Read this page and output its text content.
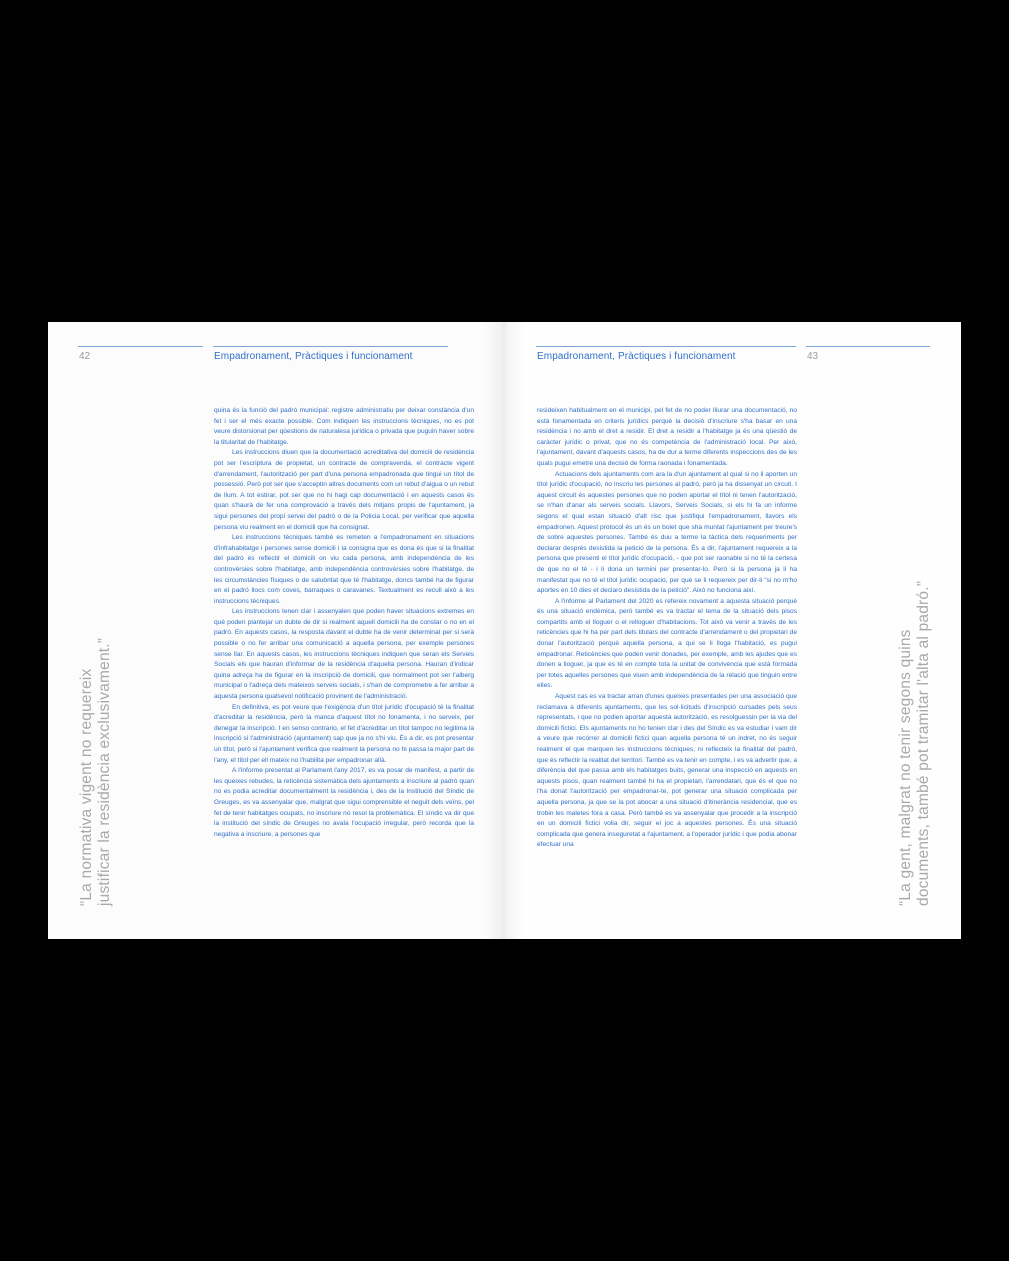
42	Empadronament, Pràctiques i funcionament
“La normativa vigent no requereix justificar la residència exclusivament.”

quina és la funció del padró municipal: registre administratiu per deixar constància d'un fet i ser el més exacte possible. Com indiquen les instruccions tècniques, no es pot veure distorsionat per qüestions de naturalesa jurídica o privada que puguin haver sobre la titularitat de l'habitatge.

Les instruccions diuen que la documentació acreditativa del domicili de residència pot ser l'escriptura de propietat, un contracte de compravenda, el contracte vigent d'arrendament, l'autorització per part d'una persona empadronada que tingui un títol de possessió. Però pot ser que s'acceptin altres documents com un rebut d'aigua o un rebut de llum. A tot estirar, pot ser que no hi hagi cap documentació i en aquests casos és quan s'haurà de fer una comprovació a través dels mitjans propis de l'ajuntament, ja sigui persones del propi servei del padró o de la Policia Local, per verificar que aquella persona viu realment en el domicili que ha consignat.

Les instruccions tècniques també es remeten a l'empadronament en situacions d'infrahabitatge i persones sense domicili i la consigna que es dona és que si la finalitat del padró és reflectir el domicili on viu cada persona, amb independència de les controvèrsies sobre l'habitatge, amb independència controvèrsies sobre l'habitatge, de les circumstàncies físiques o de salubritat que té l'habitatge, doncs també ha de figurar en el padró llocs com coves, barraques o caravanes. Textualment es recull això a les instruccions tècniques.

Les instruccions tenen clar i assenyalen que poden haver situacions extremes en què poden plantejar un dubte de dir si realment aquell domicili ha de constar o no en el padró. En aquests casos, la resposta davant el dubte ha de venir determinat per si serà possible o no fer arribar una comunicació a aquella persona, per exemple persones sense llar. En aquests casos, les instruccions tècniques indiquen que seran els Serveis Socials els que hauran d'informar de la residència d'aquella persona. Hauran d'indicar quina adreça ha de figurar en la inscripció de domicili, que normalment pot ser l'alberg municipal o l'adreça dels mateixos serveis socials, i s'han de comprometre a fer arribar a aquesta persona qualsevol notificació provinent de l'administració.

En definitiva, es pot veure que l'exigència d'un títol jurídic d'ocupació té la finalitat d'acreditar la residència, però la manca d'aquest títol no fonamenta, i no serveix, per denegar la inscripció. I en senso contrario, el fet d'acreditar un títol tampoc no legitima la inscripció si l'administració (ajuntament) sap que ja no s'hi viu. És a dir, es pot presentar un títol, però si l'ajuntament verifica que realment la persona no hi passa la major part de l'any, el títol per ell mateix no l'habilita per empadronar allà.

A l'informe presentat al Parlament l'any 2017, es va posar de manifest, a partir de les queixes rebudes, la reticència sistemàtica dels ajuntaments a inscriure al padró quan no es podia acreditar documentalment la residència i, des de la Institució del Síndic de Greuges, es va assenyalar que, malgrat que sigui comprensible el neguit dels veïns, pel fet de tenir habitatges ocupats, no inscriure no resol la problemàtica. El síndic va dir que la institució del síndic de Greuges no avala l'ocupació irregular, però recorda que la negativa a inscriure, a persones que

Empadronament, Pràctiques i funcionament	43

resideixen habitualment en el municipi, pel fet de no poder lliurar una documentació, no està fonamentada en criteris jurídics perquè la decisió d'inscriure s'ha basar en una residència i no amb el dret a residir. El dret a residir a l'habitatge ja és una qüestió de caràcter jurídic o privat, que no és competència de l'administració local. Per això, l'ajuntament, davant d'aquests casos, ha de dur a terme diferents inspeccions des de les quals pugui emetre una decisió de forma raonada i fonamentada.

Actuacions dels ajuntaments com ara la d'un ajuntament al qual si no li aporten un títol jurídic d'ocupació, no inscriu les persones al padró, però ja ha dissenyat un circuit. I aquest circuit és aquestes persones que no poden aportar el títol ni tenen l'autorització, se n'han d'anar als serveis socials. Llavors, Serveis Socials, si els hi fa un informe segons el qual estan situació d'alt risc que justifiqui l'empadronament, llavors els empadronen. Aquest protocol és un és un bolet que sha muntat l'ajuntament per treure's de sobre aquestes persones. També és duu a terme la tàctica dels requeriments per declarar després desistida la petició de la persona. És a dir, l'ajuntament requereix a la persona que presenti el títol jurídic d'ocupació, - que pot ser raonable si no té la certesa de que no el té - i li dona un termini per presentar-lo. Però si la persona ja li ha manifestat que no té el títol jurídic ocupació, per què se li requereix per dir-li "si no m'ho aportes en 10 dies et declaro desistida de la petició". Això no funciona així.

A l'informe al Parlament del 2020 es refereix novament a aquesta situació perquè és una situació endèmica, però també es va tractar el tema de la situació dels pisos compartits amb el lloguer o el relloguer d'habitacions. Tot això va venir a través de les reticències que hi ha per part dels titulars del contracte d'arrendament o del propietari de donar l'autorització perquè aquella persona, a qui se li lloga l'habitació, es pugui empadronar. Reticències que poden venir donades, per exemple, amb les ajudes que es donen a lloguer, ja que es té en compte tota la unitat de convivència que està formada per totes aquelles persones que viuen amb independència de la relació que tinguin entre elles.

Aquest cas es va tractar arran d'unes queixes presentades per una associació que reclamava a diferents ajuntaments, que les sol·licituds d'inscripció cursades pels seus representats, i que no podien aportar aquesta autorització, es resolguessin per la via del domicili fictici. Els ajuntaments no ho tenien clar i des del Síndic es va estudiar i vam dir a veure que recórrer al domicili fictici quan aquella persona té un indret, no és seguir realment el que marquen les instruccions tècniques, ni reflecteix la finalitat del padró, que és reflectir la realitat del territori. També es va tenir en compte, i es va advertir que, a diferència del que passa amb els habitatges buits, generar una inspecció en aquests en aquests pisos, quan realment també hi ha el propietari, l'arrendatari, que és el que no l'ha donat l'autorització per empadronar-te, pot generar una situació complicada per aquella persona, ja que se la pot abocar a una situació d'itinerància residencial, que es trobin les maletes fora a casa. Però també es va assenyalar que procedir a la inscripció en un domicili fictici volia dir, seguir el joc a aquestes persones. És una situació complicada que genera inseguretat a l'ajuntament, a l'operador jurídic i que podia abonar efectuar una	“La gent, malgrat no tenir segons quins documents, també pot tramitar l'alta al padró.”
